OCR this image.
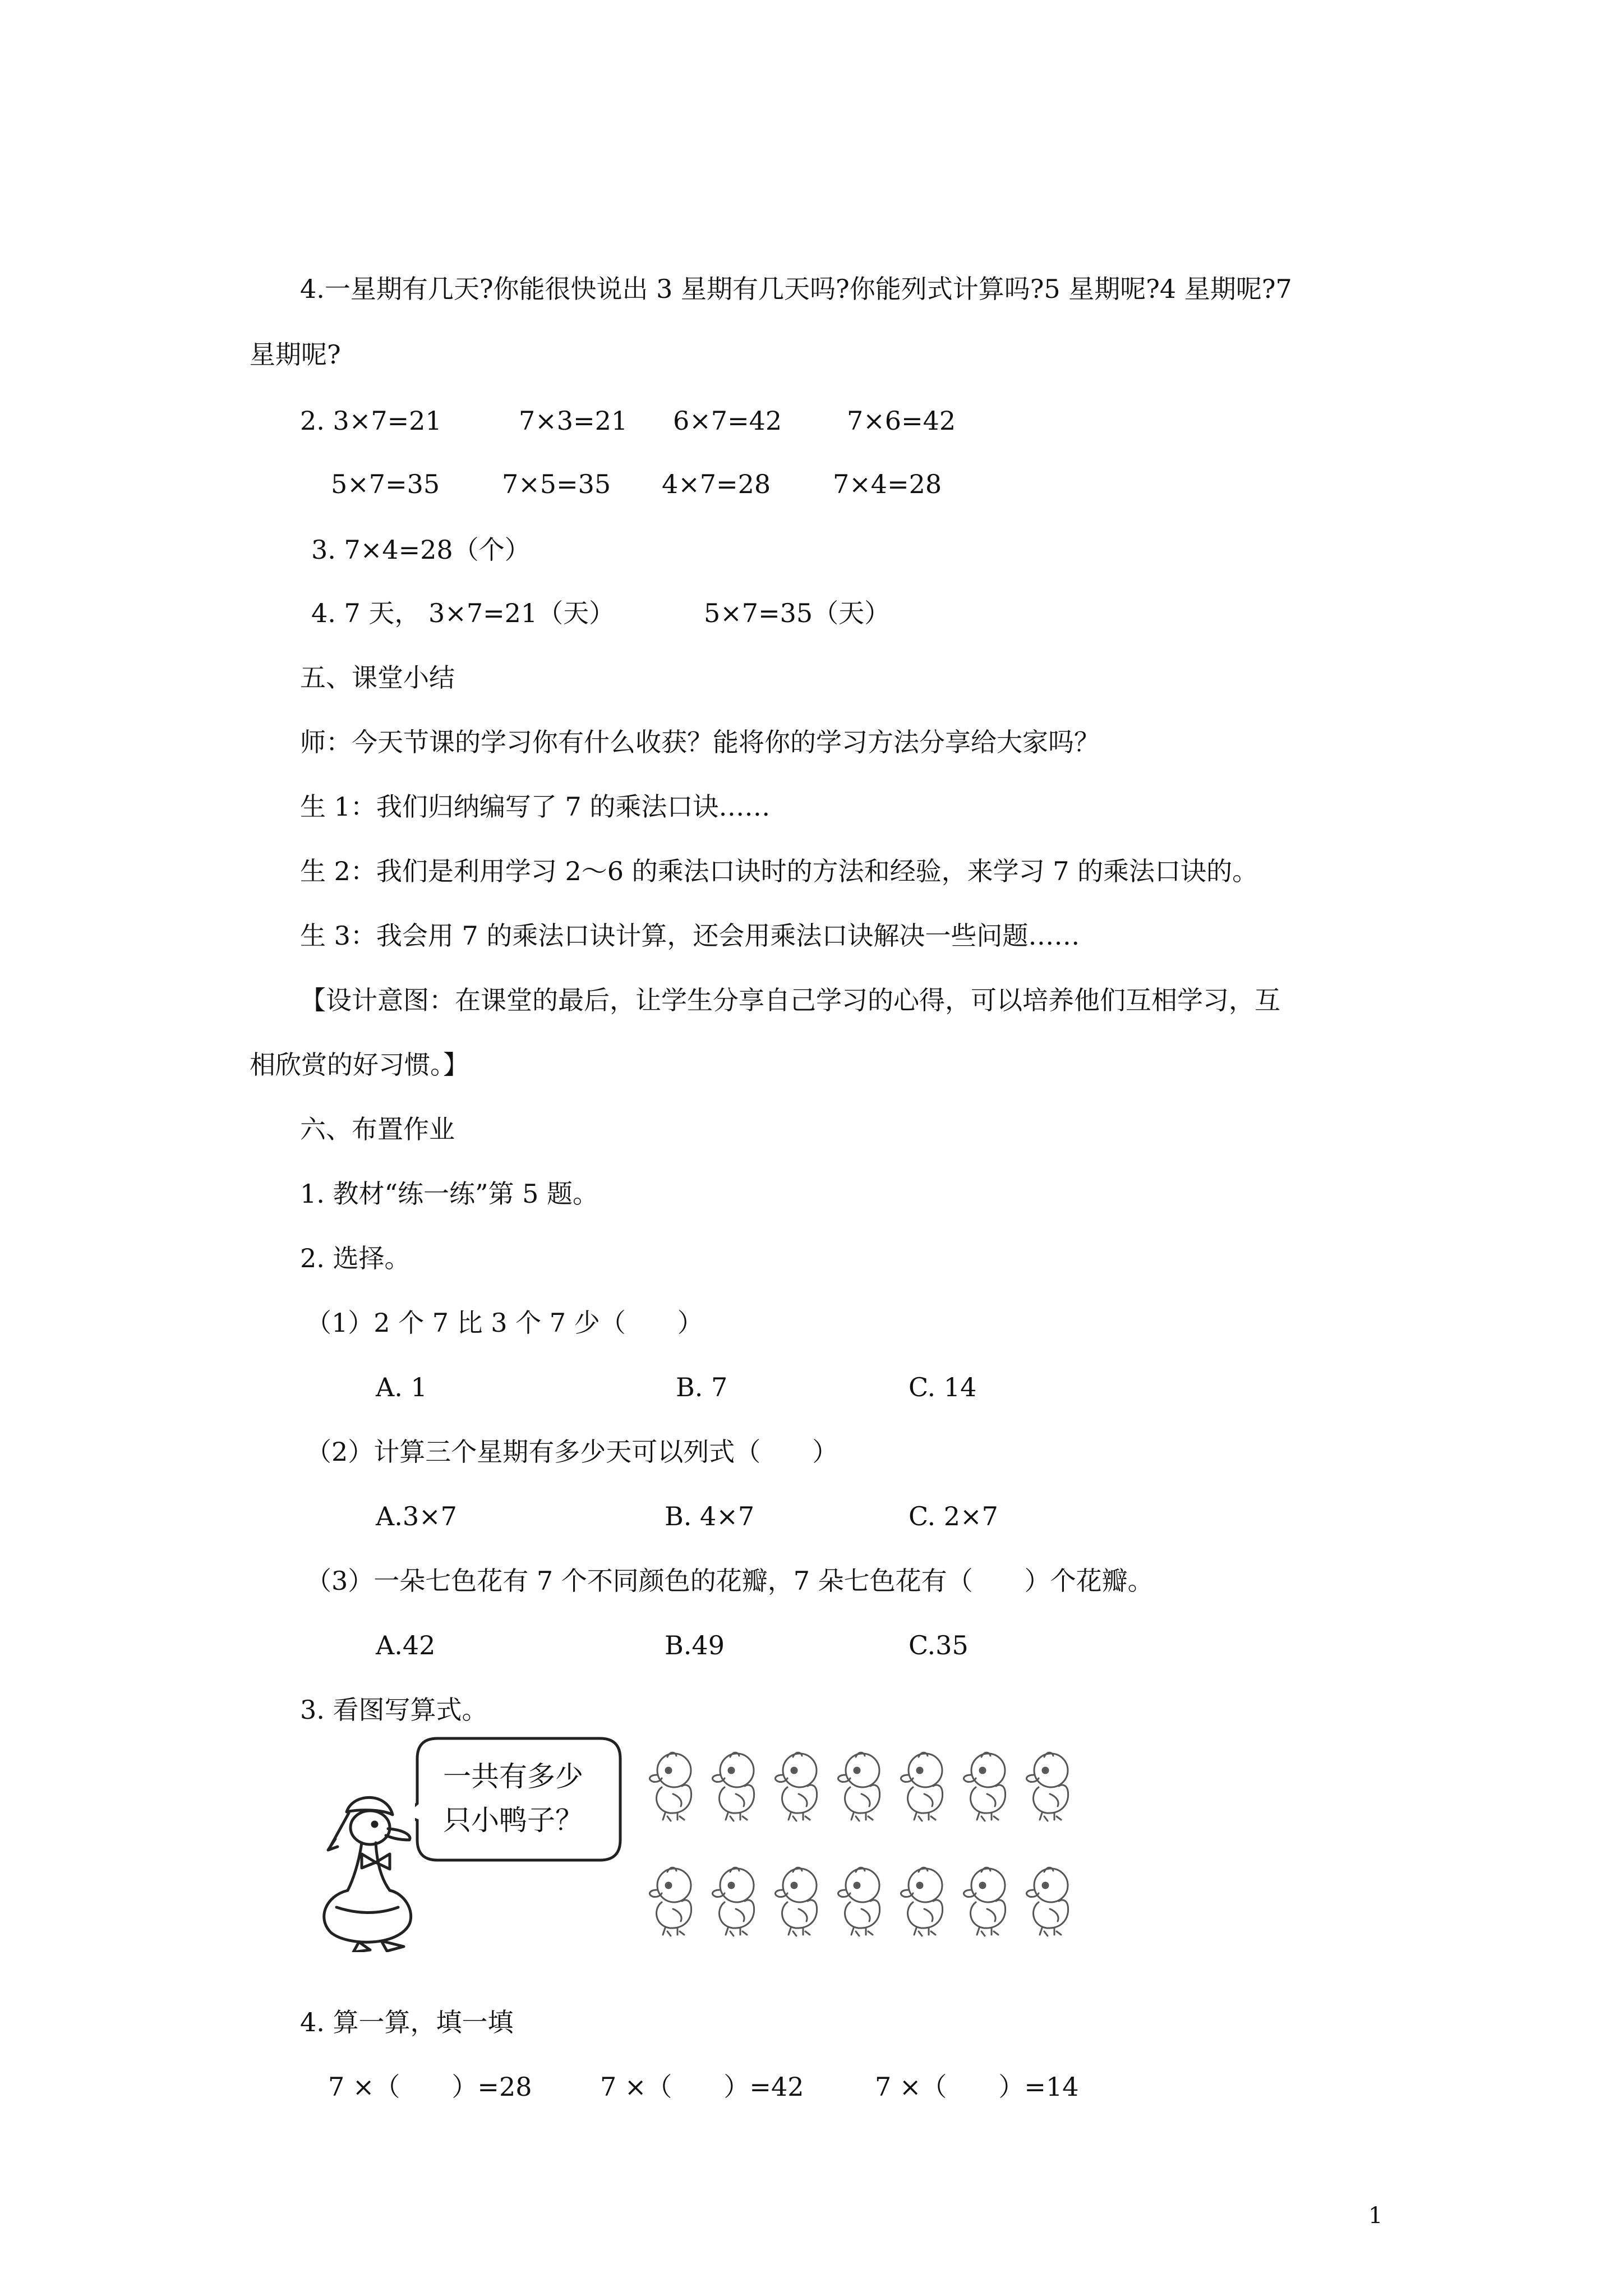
4.一星期有几天?你能很快说出 3 星期有几天吗?你能列式计算吗?5 星期呢?4 星期呢?7
星期呢?
2. 3×7=21	7×3=21 6×7=42	7×6=42
5×7=35 7×5=35 4×7=28 7×4=28
3. 7×4=28（个）
4. 7 天， 3×7=21（天）	5×7=35（天）
五、课堂小结
师：今天节课的学习你有什么收获？能将你的学习方法分享给大家吗？
生 1：我们归纳编写了 7 的乘法口诀……
生 2：我们是利用学习 2～6 的乘法口诀时的方法和经验，来学习 7 的乘法口诀的。
生 3：我会用 7 的乘法口诀计算，还会用乘法口诀解决一些问题……
【设计意图：在课堂的最后，让学生分享自己学习的心得，可以培养他们互相学习，互
相欣赏的好习惯。】
六、布置作业
1. 教材“练一练”第 5 题。
2. 选择。
（1）2 个 7 比 3 个 7 少（　　）
A. 1	B. 7	C. 14
（2）计算三个星期有多少天可以列式（　　）
A.3×7	B. 4×7	C. 2×7
（3）一朵七色花有 7 个不同颜色的花瓣，7 朵七色花有（　　）个花瓣。
A.42	B.49	C.35
3. 看图写算式。
一共有多少
只小鸭子？
4. 算一算，填一填
7 ×（　　）=28	7 ×（　　）=42	7 ×（　　）=14
1
